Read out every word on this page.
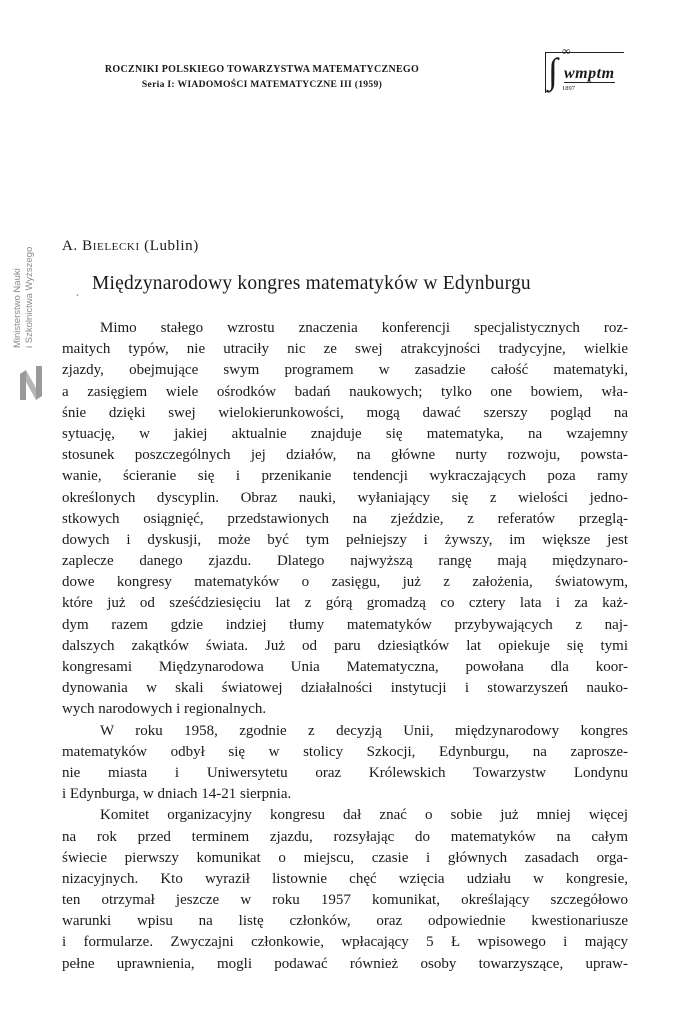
ROCZNIKI POLSKIEGO TOWARZYSTWA MATEMATYCZNEGO
Seria I: WIADOMOŚCI MATEMATYCZNE III (1959)
∞
∫ wmptm
1897
Ministerstwo Nauki i Szkolnictwa Wyższego
A. Bielecki (Lublin)
Międzynarodowy kongres matematyków w Edynburgu
ˊ

Mimo stałego wzrostu znaczenia konferencji specjalistycznych roz-
maitych typów, nie utraciły nic ze swej atrakcyjności tradycyjne, wielkie
zjazdy, obejmujące swym programem w zasadzie całość matematyki,
a zasięgiem wiele ośrodków badań naukowych; tylko one bowiem, wła-
śnie dzięki swej wielokierunkowości, mogą dawać szerszy pogląd na
sytuację, w jakiej aktualnie znajduje się matematyka, na wzajemny
stosunek poszczególnych jej działów, na główne nurty rozwoju, powsta-
wanie, ścieranie się i przenikanie tendencji wykraczających poza ramy
określonych dyscyplin. Obraz nauki, wyłaniający się z wielości jedno-
stkowych osiągnięć, przedstawionych na zjeździe, z referatów przeglą-
dowych i dyskusji, może być tym pełniejszy i żywszy, im większe jest
zaplecze danego zjazdu. Dlatego najwyższą rangę mają międzynaro-
dowe kongresy matematyków o zasięgu, już z założenia, światowym,
które już od sześćdziesięciu lat z górą gromadzą co cztery lata i za każ-
dym razem gdzie indziej tłumy matematyków przybywających z naj-
dalszych zakątków świata. Już od paru dziesiątków lat opiekuje się tymi
kongresami Międzynarodowa Unia Matematyczna, powołana dla koor-
dynowania w skali światowej działalności instytucji i stowarzyszeń nauko-
wych narodowych i regionalnych.

W roku 1958, zgodnie z decyzją Unii, międzynarodowy kongres
matematyków odbył się w stolicy Szkocji, Edynburgu, na zaprosze-
nie miasta i Uniwersytetu oraz Królewskich Towarzystw Londynu
i Edynburga, w dniach 14-21 sierpnia.

Komitet organizacyjny kongresu dał znać o sobie już mniej więcej
na rok przed terminem zjazdu, rozsyłając do matematyków na całym
świecie pierwszy komunikat o miejscu, czasie i głównych zasadach orga-
nizacyjnych. Kto wyraził listownie chęć wzięcia udziału w kongresie,
ten otrzymał jeszcze w roku 1957 komunikat, określający szczegółowo
warunki wpisu na listę członków, oraz odpowiednie kwestionariusze
i formularze. Zwyczajni członkowie, wpłacający 5 Ł wpisowego i mający
pełne uprawnienia, mogli podawać również osoby towarzyszące, upraw-
